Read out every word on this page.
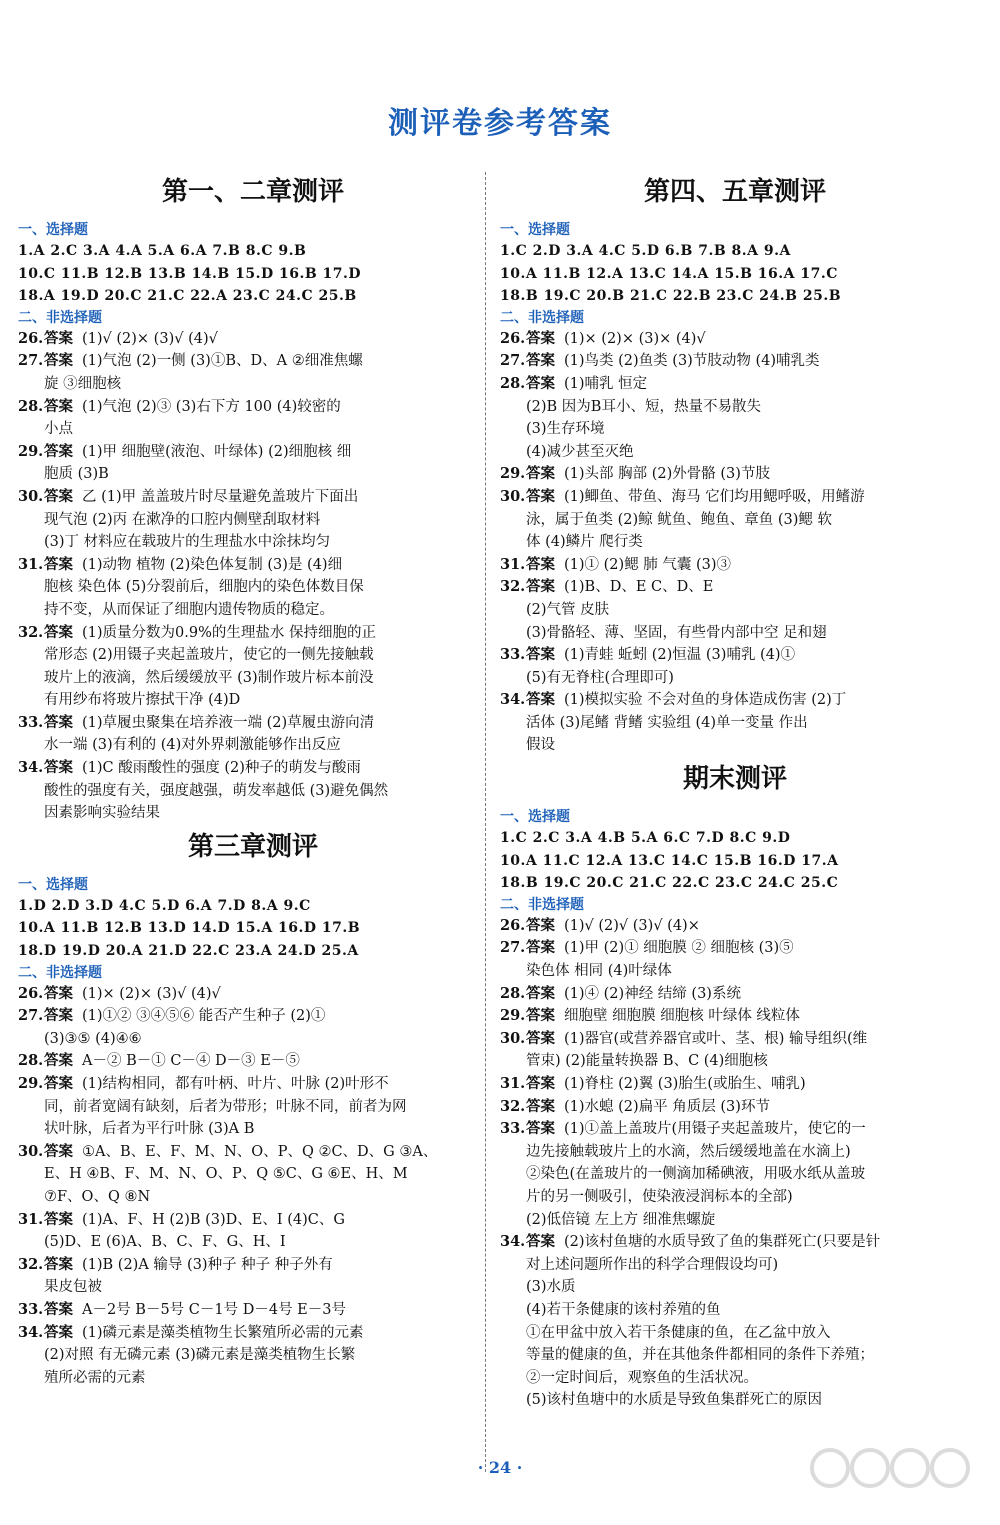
测评卷参考答案
第一、二章测评
一、选择题
1.A 2.C 3.A 4.A 5.A 6.A 7.B 8.C 9.B
10.C 11.B 12.B 13.B 14.B 15.D 16.B 17.D
18.A 19.D 20.C 21.C 22.A 23.C 24.C 25.B
二、非选择题
26. 答案 (1)√ (2)× (3)√ (4)√
27. 答案 (1)气泡 (2)一侧 (3)①B、D、A ②细准焦螺
旋 ③细胞核
28. 答案 (1)气泡 (2)③ (3)右下方 100 (4)较密的
小点
29. 答案 (1)甲 细胞壁(液泡、叶绿体) (2)细胞核 细
胞质 (3)B
30. 答案 乙 (1)甲 盖盖玻片时尽量避免盖玻片下面出
现气泡 (2)丙 在漱净的口腔内侧壁刮取材料
(3)丁 材料应在载玻片的生理盐水中涂抹均匀
31. 答案 (1)动物 植物 (2)染色体复制 (3)是 (4)细
胞核 染色体 (5)分裂前后，细胞内的染色体数目保
持不变，从而保证了细胞内遗传物质的稳定。
32. 答案 (1)质量分数为0.9%的生理盐水 保持细胞的正
常形态 (2)用镊子夹起盖玻片，使它的一侧先接触载
玻片上的液滴，然后缓缓放平 (3)制作玻片标本前没
有用纱布将玻片擦拭干净 (4)D
33. 答案 (1)草履虫聚集在培养液一端 (2)草履虫游向清
水一端 (3)有利的 (4)对外界刺激能够作出反应
34. 答案 (1)C 酸雨酸性的强度 (2)种子的萌发与酸雨
酸性的强度有关，强度越强，萌发率越低 (3)避免偶然
因素影响实验结果
第三章测评
一、选择题
1.D 2.D 3.D 4.C 5.D 6.A 7.D 8.A 9.C
10.A 11.B 12.B 13.D 14.D 15.A 16.D 17.B
18.D 19.D 20.A 21.D 22.C 23.A 24.D 25.A
二、非选择题
26. 答案 (1)× (2)× (3)√ (4)√
27. 答案 (1)①② ③④⑤⑥ 能否产生种子 (2)①
(3)③⑤ (4)④⑥
28. 答案 A－② B－① C－④ D－③ E－⑤
29. 答案 (1)结构相同，都有叶柄、叶片、叶脉 (2)叶形不
同，前者宽阔有缺刻，后者为带形；叶脉不同，前者为网
状叶脉，后者为平行叶脉 (3)A B
30. 答案 ①A、B、E、F、M、N、O、P、Q ②C、D、G ③A、
E、H ④B、F、M、N、O、P、Q ⑤C、G ⑥E、H、M
⑦F、O、Q ⑧N
31. 答案 (1)A、F、H (2)B (3)D、E、I (4)C、G
(5)D、E (6)A、B、C、F、G、H、I
32. 答案 (1)B (2)A 输导 (3)种子 种子 种子外有
果皮包被
33. 答案 A－2号 B－5号 C－1号 D－4号 E－3号
34. 答案 (1)磷元素是藻类植物生长繁殖所必需的元素
(2)对照 有无磷元素 (3)磷元素是藻类植物生长繁
殖所必需的元素
第四、五章测评
一、选择题
1.C 2.D 3.A 4.C 5.D 6.B 7.B 8.A 9.A
10.A 11.B 12.A 13.C 14.A 15.B 16.A 17.C
18.B 19.C 20.B 21.C 22.B 23.C 24.B 25.B
二、非选择题
26. 答案 (1)× (2)× (3)× (4)√
27. 答案 (1)鸟类 (2)鱼类 (3)节肢动物 (4)哺乳类
28. 答案 (1)哺乳 恒定
(2)B 因为B耳小、短，热量不易散失
(3)生存环境
(4)减少甚至灭绝
29. 答案 (1)头部 胸部 (2)外骨骼 (3)节肢
30. 答案 (1)鲫鱼、带鱼、海马 它们均用鳃呼吸，用鳍游
泳，属于鱼类 (2)鲸 鱿鱼、鲍鱼、章鱼 (3)鳃 软
体 (4)鳞片 爬行类
31. 答案 (1)① (2)鳃 肺 气囊 (3)③
32. 答案 (1)B、D、E C、D、E
(2)气管 皮肤
(3)骨骼轻、薄、坚固，有些骨内部中空 足和翅
33. 答案 (1)青蛙 蚯蚓 (2)恒温 (3)哺乳 (4)①
(5)有无脊柱(合理即可)
34. 答案 (1)模拟实验 不会对鱼的身体造成伤害 (2)丁
活体 (3)尾鳍 背鳍 实验组 (4)单一变量 作出
假设
期末测评
一、选择题
1.C 2.C 3.A 4.B 5.A 6.C 7.D 8.C 9.D
10.A 11.C 12.A 13.C 14.C 15.B 16.D 17.A
18.B 19.C 20.C 21.C 22.C 23.C 24.C 25.C
二、非选择题
26. 答案 (1)√ (2)√ (3)√ (4)×
27. 答案 (1)甲 (2)① 细胞膜 ② 细胞核 (3)⑤
染色体 相同 (4)叶绿体
28. 答案 (1)④ (2)神经 结缔 (3)系统
29. 答案 细胞壁 细胞膜 细胞核 叶绿体 线粒体
30. 答案 (1)器官(或营养器官或叶、茎、根) 输导组织(维
管束) (2)能量转换器 B、C (4)细胞核
31. 答案 (1)脊柱 (2)翼 (3)胎生(或胎生、哺乳)
32. 答案 (1)水螅 (2)扁平 角质层 (3)环节
33. 答案 (1)①盖上盖玻片(用镊子夹起盖玻片，使它的一
边先接触载玻片上的水滴，然后缓缓地盖在水滴上)
②染色(在盖玻片的一侧滴加稀碘液，用吸水纸从盖玻
片的另一侧吸引，使染液浸润标本的全部)
(2)低倍镜 左上方 细准焦螺旋
34. 答案 (2)该村鱼塘的水质导致了鱼的集群死亡(只要是针
对上述问题所作出的科学合理假设均可)
(3)水质
(4)若干条健康的该村养殖的鱼
①在甲盆中放入若干条健康的鱼，在乙盆中放入
等量的健康的鱼，并在其他条件都相同的条件下养殖；
②一定时间后，观察鱼的生活状况。
(5)该村鱼塘中的水质是导致鱼集群死亡的原因
· 24 ·
